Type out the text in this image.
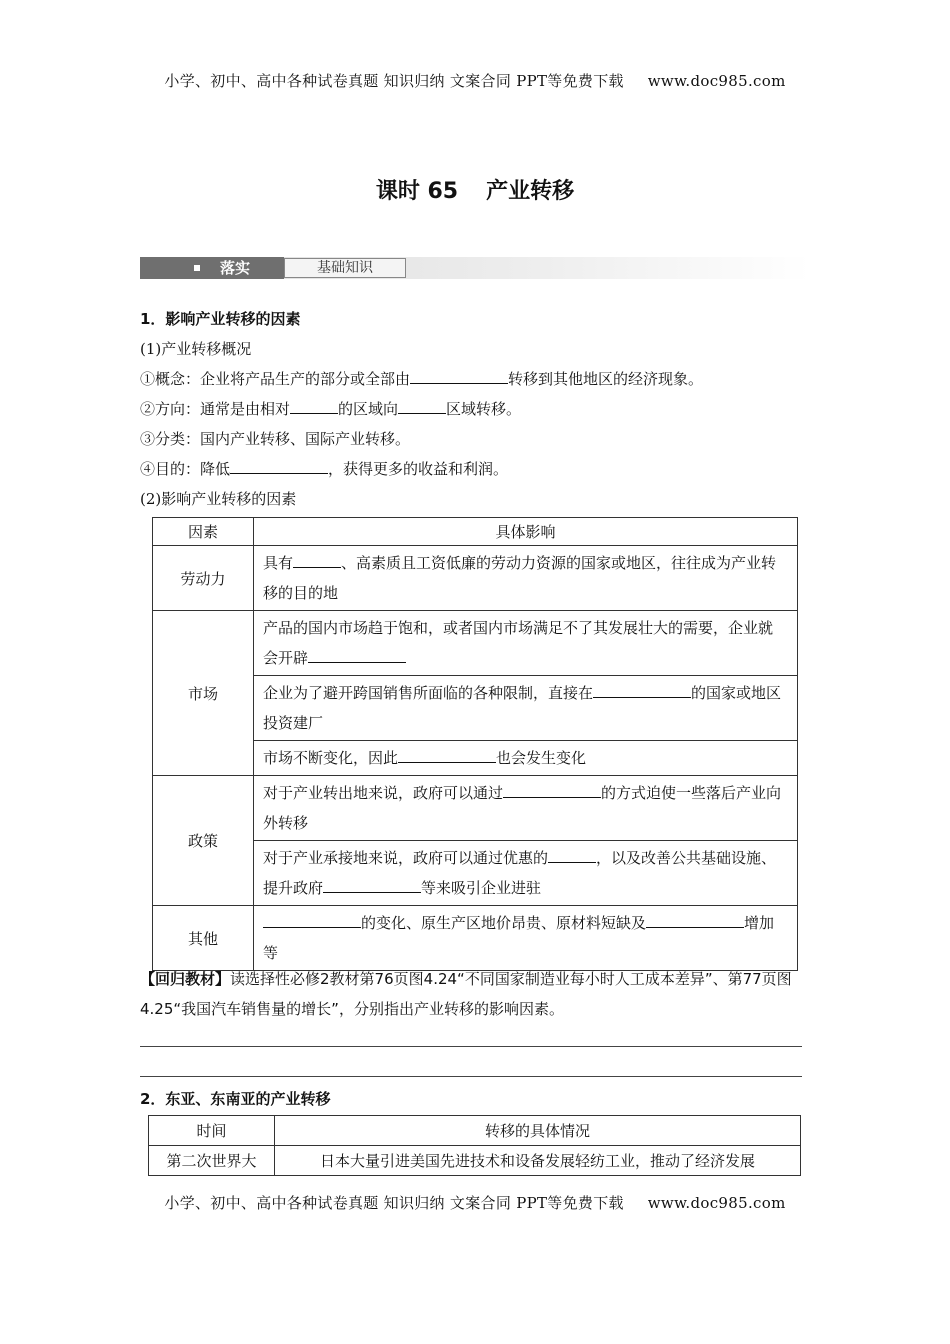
小学、初中、高中各种试卷真题 知识归纳 文案合同 PPT等免费下载 www.doc985.com
课时 65 产业转移
落实	基础知识
1．影响产业转移的因素
(1)产业转移概况
①概念：企业将产品生产的部分或全部由	转移到其他地区的经济现象。
②方向：通常是由相对	的区域向	区域转移。
③分类：国内产业转移、国际产业转移。
④目的：降低	，获得更多的收益和利润。
(2)影响产业转移的因素
因素	具体影响
劳动力	具有 、高素质且工资低廉的劳动力资源的国家或地区，往往成为产业转移的目的地
市场	产品的国内市场趋于饱和，或者国内市场满足不了其发展壮大的需要，企业就会开辟
	企业为了避开跨国销售所面临的各种限制，直接在 的国家或地区投资建厂
	市场不断变化，因此 也会发生变化
政策	对于产业转出地来说，政府可以通过 的方式迫使一些落后产业向外转移
	对于产业承接地来说，政府可以通过优惠的 ，以及改善公共基础设施、提升政府 等来吸引企业进驻
其他	的变化、原生产区地价昂贵、原材料短缺及 增加等
【回归教材】读选择性必修2教材第76页图4.24“不同国家制造业每小时人工成本差异”、第77页图4.25“我国汽车销售量的增长”，分别指出产业转移的影响因素。
2．东亚、东南亚的产业转移
时间	转移的具体情况
第二次世界大	日本大量引进美国先进技术和设备发展轻纺工业，推动了经济发展
小学、初中、高中各种试卷真题 知识归纳 文案合同 PPT等免费下载 www.doc985.com
